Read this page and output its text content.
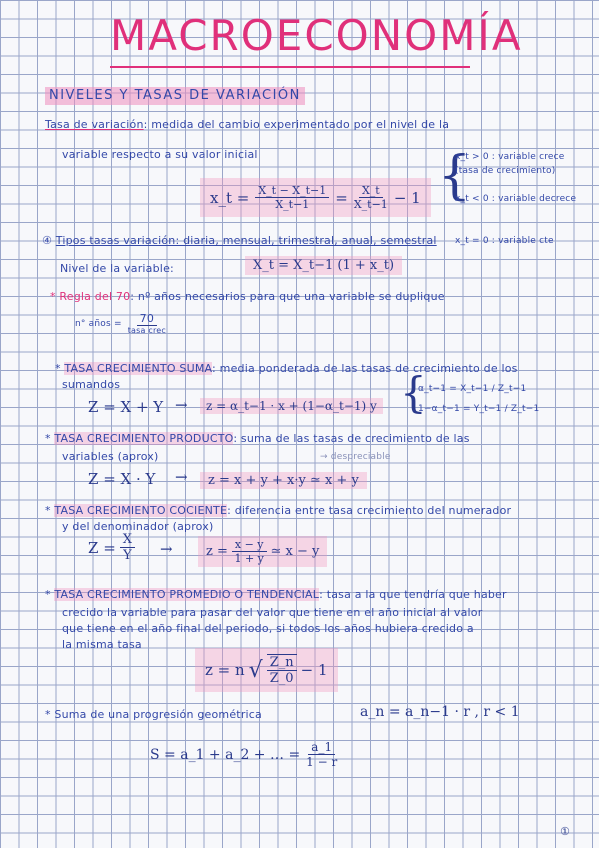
MACROECONOMÍA
NIVELES Y TASAS DE VARIACIÓN
Tasa de variación: medida del cambio experimentado por el nivel de la
variable respecto a su valor inicial
x_t = $\frac{X\_t - X\_t-1}{X\_t-1} = \frac{X\_t}{X\_t-1} - 1$ {
x_t > 0 : variable crece
(tasa de crecimiento)
x_t < 0 : variable decrece
x_t = 0 : variable cte
④ Tipos tasas variación: diaria, mensual, trimestral, anual, semestral
Nivel de la variable:	X_t = X_t−1 (1 + x_t)
* Regla del 70: nº años necesarios para que una variable se duplique
n° años = $\frac{70}{\text{tasa crec}}$
* TASA CRECIMIENTO SUMA: media ponderada de las tasas de crecimiento de los
sumandos
Z = X + Y →	z = α_t−1 · x + (1−α_t−1) y {
α_t−1 = X_t−1 / Z_t−1
1−α_t−1 = Y_t−1 / Z_t−1
* TASA CRECIMIENTO PRODUCTO: suma de las tasas de crecimiento de las
variables (aprox)
Z = X · Y →	z = x + y + x·y ≃ x + y
→ despreciable
* TASA CRECIMIENTO COCIENTE: diferencia entre tasa crecimiento del numerador
y del denominador (aprox)
$Z = \frac{X}{Y}$ →	$z = \frac{x - y}{1 + y}$ ≃ x − y
* TASA CRECIMIENTO PROMEDIO O TENDENCIAL: tasa a la que tendría que haber
crecido la variable para pasar del valor que tiene en el año inicial al valor
que tiene en el año final del periodo, si todos los años hubiera crecido a
la misma tasa
z = n √ $\frac{Z\_n}{Z\_0} - 1$
* Suma de una progresión geométrica	a_n = a_n−1 · r , r < 1
S = a_1 + a_2 + … = $\frac{a\_1}{1 - r}$
①
